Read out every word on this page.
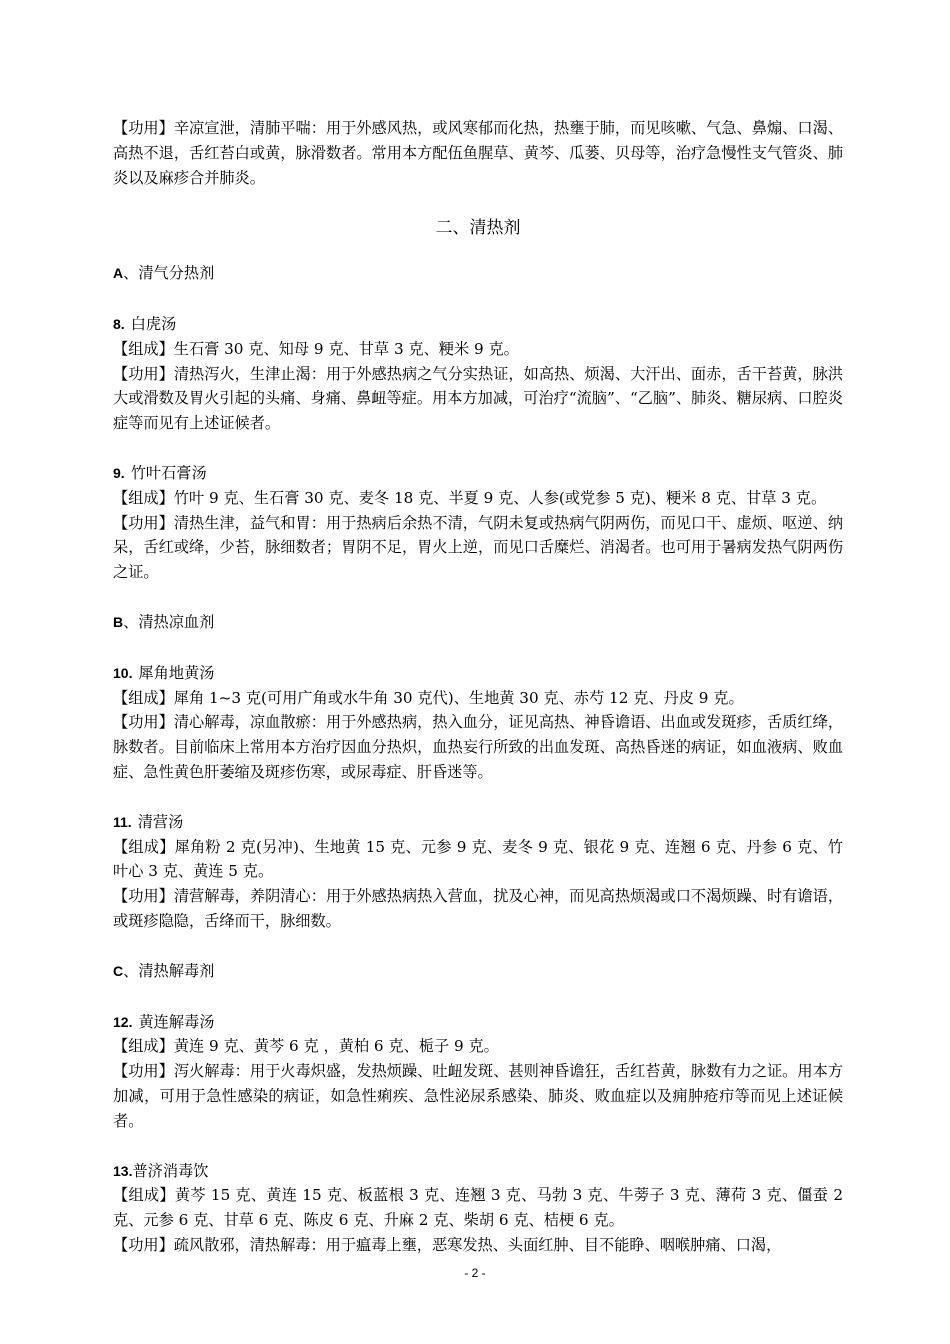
【功用】辛凉宣泄，清肺平喘：用于外感风热，或风寒郁而化热，热壅于肺，而见咳嗽、气急、鼻煽、口渴、高热不退，舌红苔白或黄，脉滑数者。常用本方配伍鱼腥草、黄芩、瓜蒌、贝母等，治疗急慢性支气管炎、肺炎以及麻疹合并肺炎。

二、清热剂

A、清气分热剂

8. 白虎汤

【组成】生石膏 30 克、知母 9 克、甘草 3 克、粳米 9 克。

【功用】清热泻火，生津止渴：用于外感热病之气分实热证，如高热、烦渴、大汗出、面赤，舌干苔黄，脉洪大或滑数及胃火引起的头痛、身痛、鼻衄等症。用本方加减，可治疗“流脑”、“乙脑”、肺炎、糖尿病、口腔炎症等而见有上述证候者。

9. 竹叶石膏汤

【组成】竹叶 9 克、生石膏 30 克、麦冬 18 克、半夏 9 克、人参(或党参 5 克)、粳米 8 克、甘草 3 克。

【功用】清热生津，益气和胃：用于热病后余热不清，气阴未复或热病气阴两伤，而见口干、虚烦、呕逆、纳呆，舌红或绛，少苔，脉细数者；胃阴不足，胃火上逆，而见口舌糜烂、消渴者。也可用于暑病发热气阴两伤之证。

B、清热凉血剂

10. 犀角地黄汤

【组成】犀角 1~3 克(可用广角或水牛角 30 克代)、生地黄 30 克、赤芍 12 克、丹皮 9 克。

【功用】清心解毒，凉血散瘀：用于外感热病，热入血分，证见高热、神昏谵语、出血或发斑疹，舌质红绛，脉数者。目前临床上常用本方治疗因血分热炽，血热妄行所致的出血发斑、高热昏迷的病证，如血液病、败血症、急性黄色肝萎缩及斑疹伤寒，或尿毒症、肝昏迷等。

11. 清营汤

【组成】犀角粉 2 克(另冲)、生地黄 15 克、元参 9 克、麦冬 9 克、银花 9 克、连翘 6 克、丹参 6 克、竹叶心 3 克、黄连 5 克。

【功用】清营解毒，养阴清心：用于外感热病热入营血，扰及心神，而见高热烦渴或口不渴烦躁、时有谵语，或斑疹隐隐，舌绛而干，脉细数。

C、清热解毒剂

12. 黄连解毒汤

【组成】黄连 9 克、黄芩 6 克 ，黄柏 6 克、栀子 9 克。

【功用】泻火解毒：用于火毒炽盛，发热烦躁、吐衄发斑、甚则神昏谵狂，舌红苔黄，脉数有力之证。用本方加减，可用于急性感染的病证，如急性痢疾、急性泌尿系感染、肺炎、败血症以及痈肿疮疖等而见上述证候者。

13.普济消毒饮

【组成】黄芩 15 克、黄连 15 克、板蓝根 3 克、连翘 3 克、马勃 3 克、牛蒡子 3 克、薄荷 3 克、僵蚕 2 克、元参 6 克、甘草 6 克、陈皮 6 克、升麻 2 克、柴胡 6 克、桔梗 6 克。

【功用】疏风散邪，清热解毒：用于瘟毒上壅，恶寒发热、头面红肿、目不能睁、咽喉肿痛、口渴，

- 2 -
